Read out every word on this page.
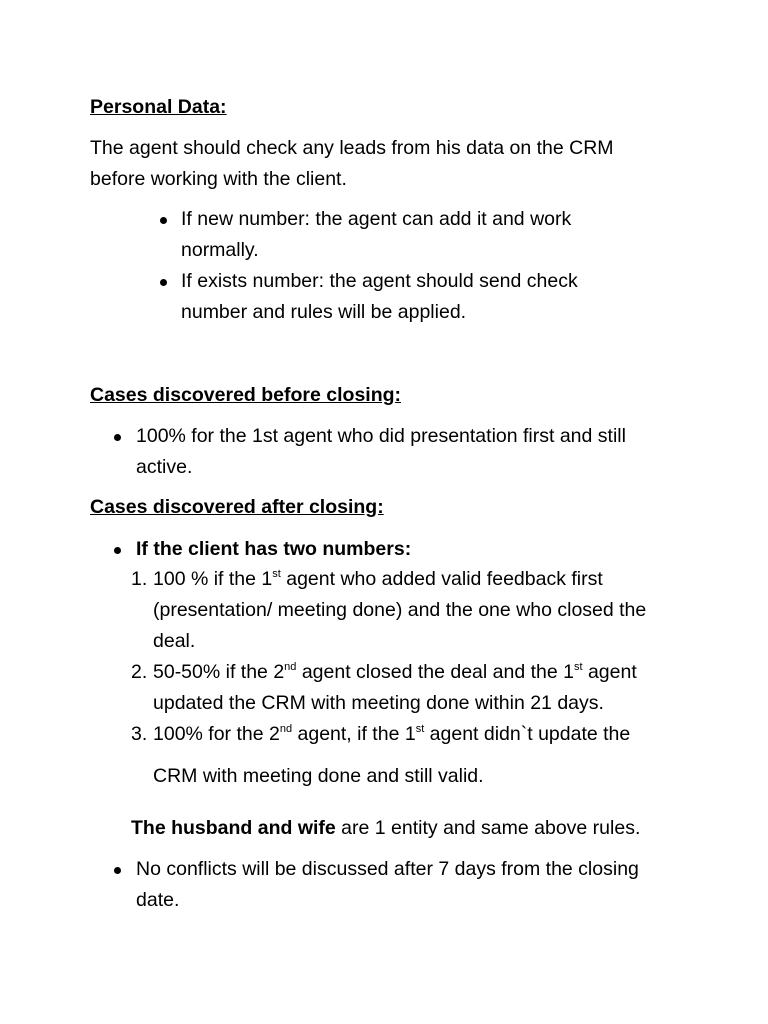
Personal Data:

The agent should check any leads from his data on the CRM before working with the client.

If new number: the agent can add it and work normally.
If exists number: the agent should send check number and rules will be applied.

Cases discovered before closing:

100% for the 1st agent who did presentation first and still active.

Cases discovered after closing:

If the client has two numbers:
1. 100 % if the 1st agent who added valid feedback first (presentation/ meeting done) and the one who closed the deal.
2. 50-50% if the 2nd agent closed the deal and the 1st agent updated the CRM with meeting done within 21 days.
3. 100% for the 2nd agent, if the 1st agent didn`t update the
CRM with meeting done and still valid.

The husband and wife are 1 entity and same above rules.

No conflicts will be discussed after 7 days from the closing date.
